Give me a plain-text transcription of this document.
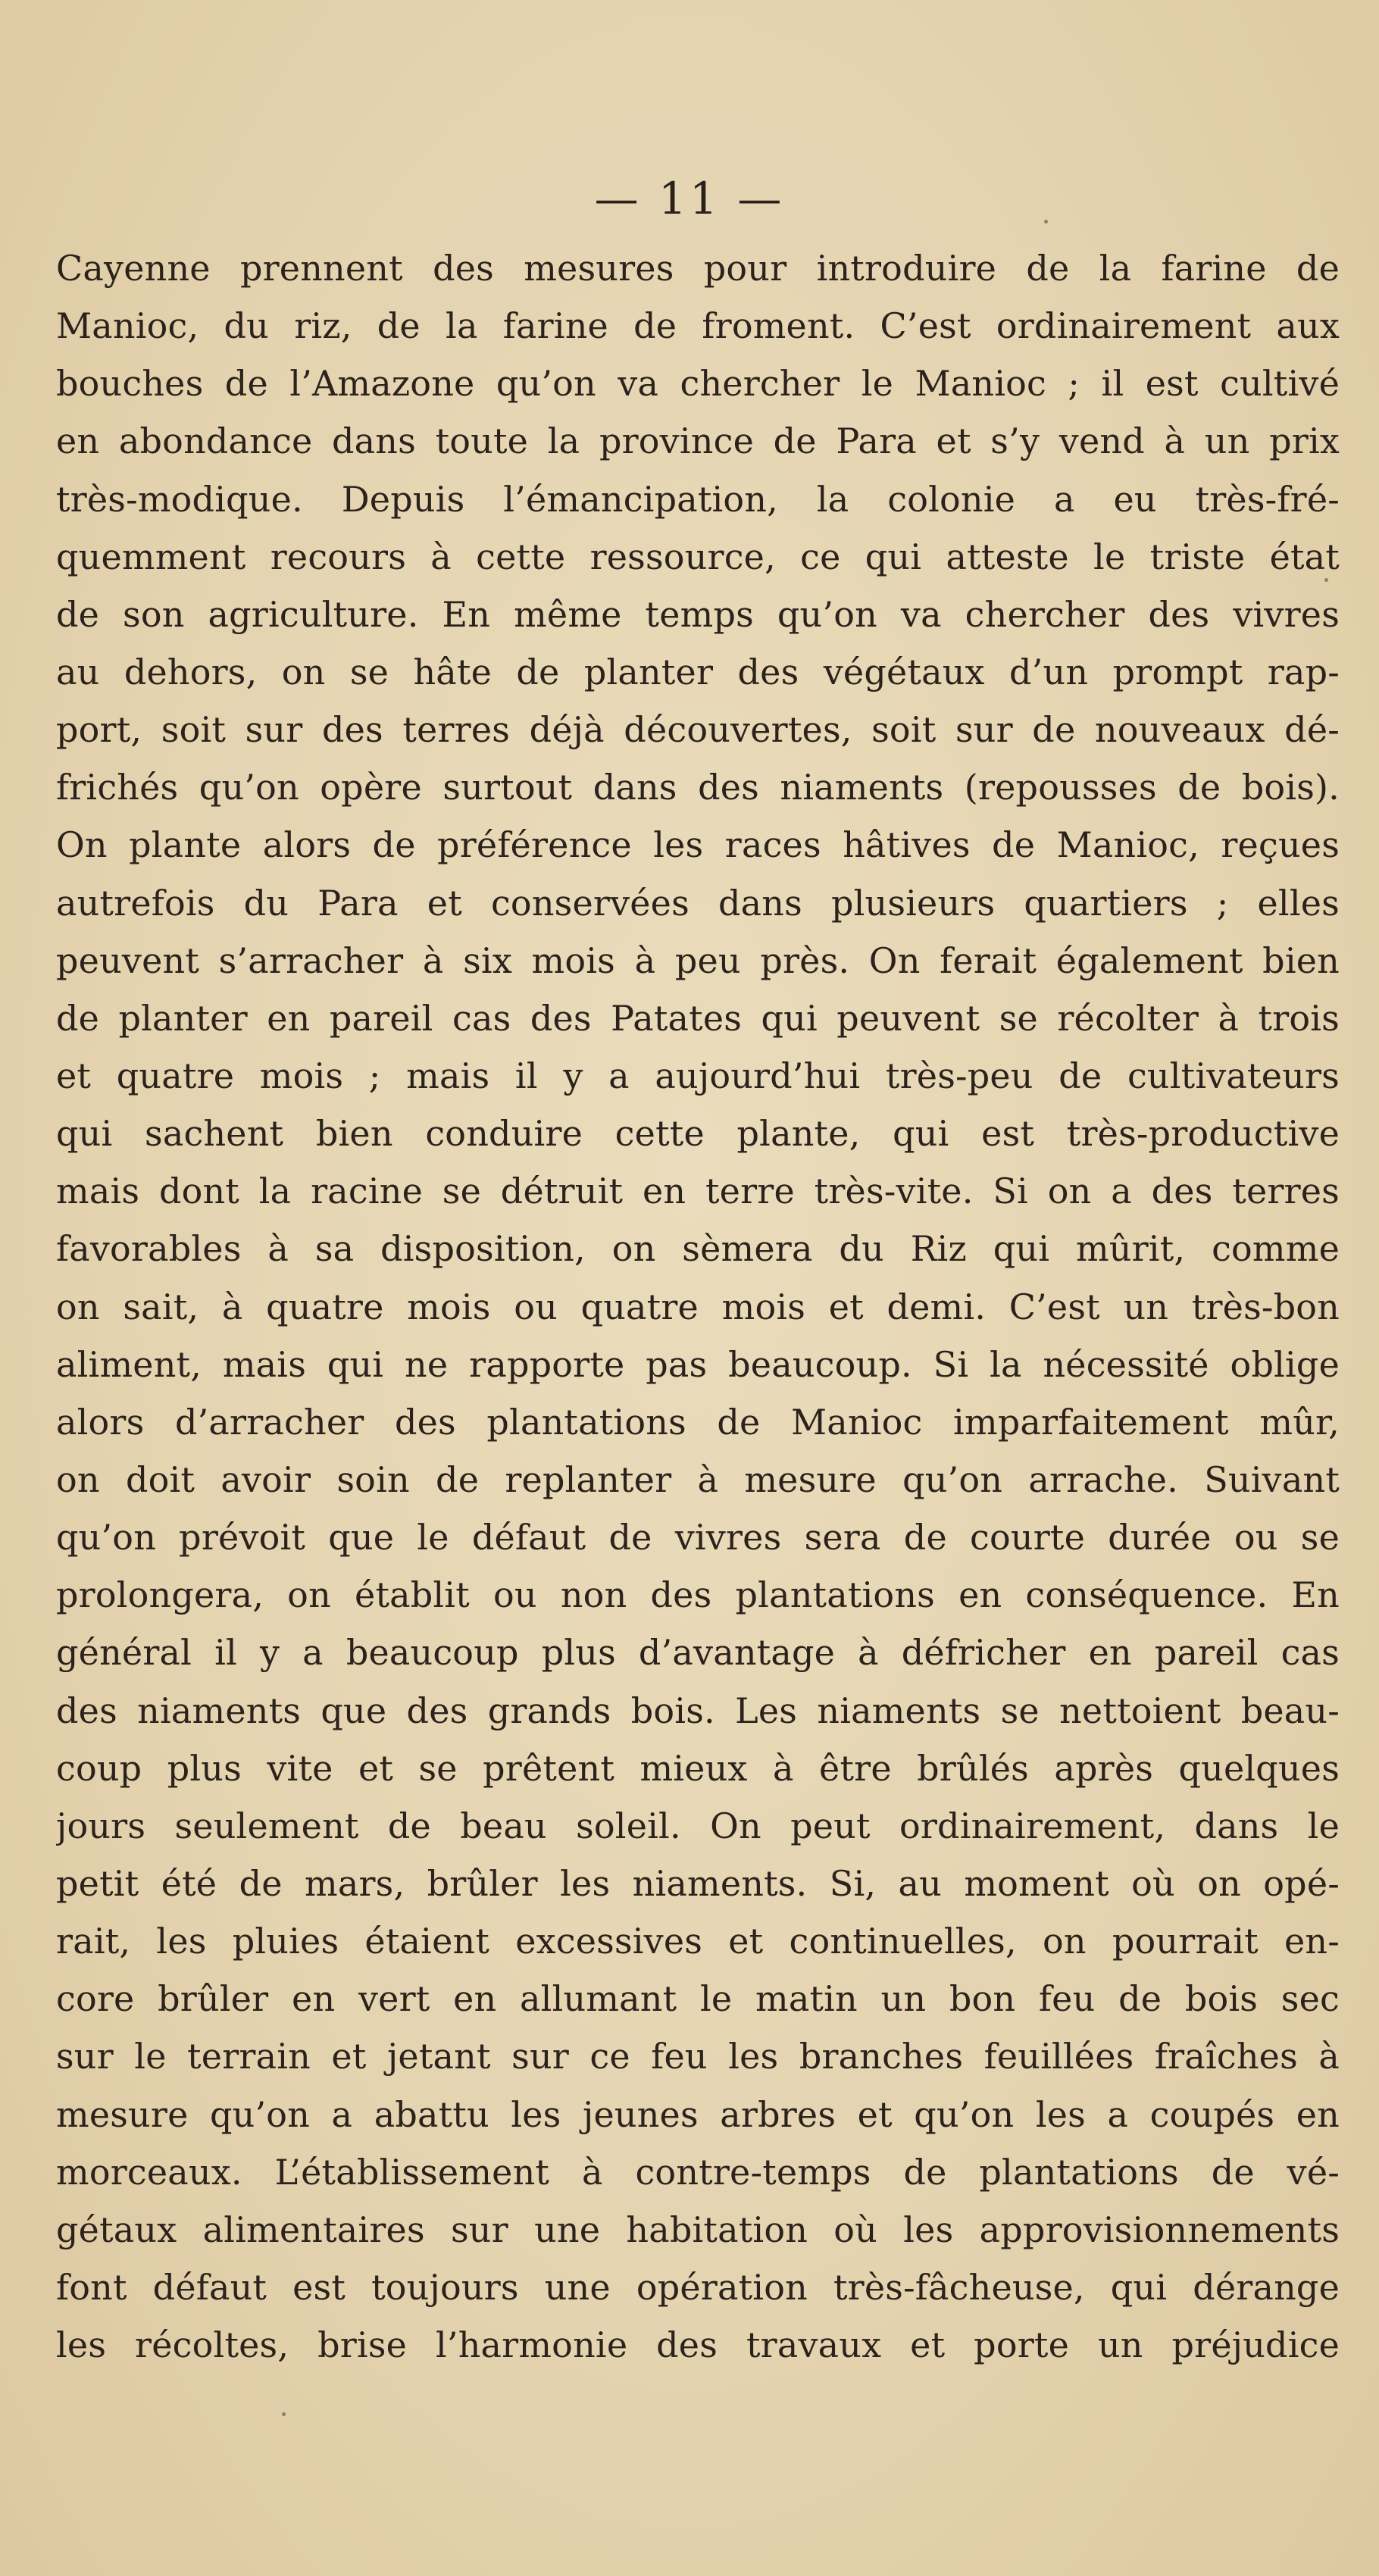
— 11 —
Cayenne prennent des mesures pour introduire de la farine de
Manioc, du riz, de la farine de froment. C’est ordinairement aux
bouches de l’Amazone qu’on va chercher le Manioc ; il est cultivé
en abondance dans toute la province de Para et s’y vend à un prix
très-modique. Depuis l’émancipation, la colonie a eu très-fré-
quemment recours à cette ressource, ce qui atteste le triste état
de son agriculture. En même temps qu’on va chercher des vivres
au dehors, on se hâte de planter des végétaux d’un prompt rap-
port, soit sur des terres déjà découvertes, soit sur de nouveaux dé-
frichés qu’on opère surtout dans des niaments (repousses de bois).
On plante alors de préférence les races hâtives de Manioc, reçues
autrefois du Para et conservées dans plusieurs quartiers ; elles
peuvent s’arracher à six mois à peu près. On ferait également bien
de planter en pareil cas des Patates qui peuvent se récolter à trois
et quatre mois ; mais il y a aujourd’hui très-peu de cultivateurs
qui sachent bien conduire cette plante, qui est très-productive
mais dont la racine se détruit en terre très-vite. Si on a des terres
favorables à sa disposition, on sèmera du Riz qui mûrit, comme
on sait, à quatre mois ou quatre mois et demi. C’est un très-bon
aliment, mais qui ne rapporte pas beaucoup. Si la nécessité oblige
alors d’arracher des plantations de Manioc imparfaitement mûr,
on doit avoir soin de replanter à mesure qu’on arrache. Suivant
qu’on prévoit que le défaut de vivres sera de courte durée ou se
prolongera, on établit ou non des plantations en conséquence. En
général il y a beaucoup plus d’avantage à défricher en pareil cas
des niaments que des grands bois. Les niaments se nettoient beau-
coup plus vite et se prêtent mieux à être brûlés après quelques
jours seulement de beau soleil. On peut ordinairement, dans le
petit été de mars, brûler les niaments. Si, au moment où on opé-
rait, les pluies étaient excessives et continuelles, on pourrait en-
core brûler en vert en allumant le matin un bon feu de bois sec
sur le terrain et jetant sur ce feu les branches feuillées fraîches à
mesure qu’on a abattu les jeunes arbres et qu’on les a coupés en
morceaux. L’établissement à contre-temps de plantations de vé-
gétaux alimentaires sur une habitation où les approvisionnements
font défaut est toujours une opération très-fâcheuse, qui dérange
les récoltes, brise l’harmonie des travaux et porte un préjudice
